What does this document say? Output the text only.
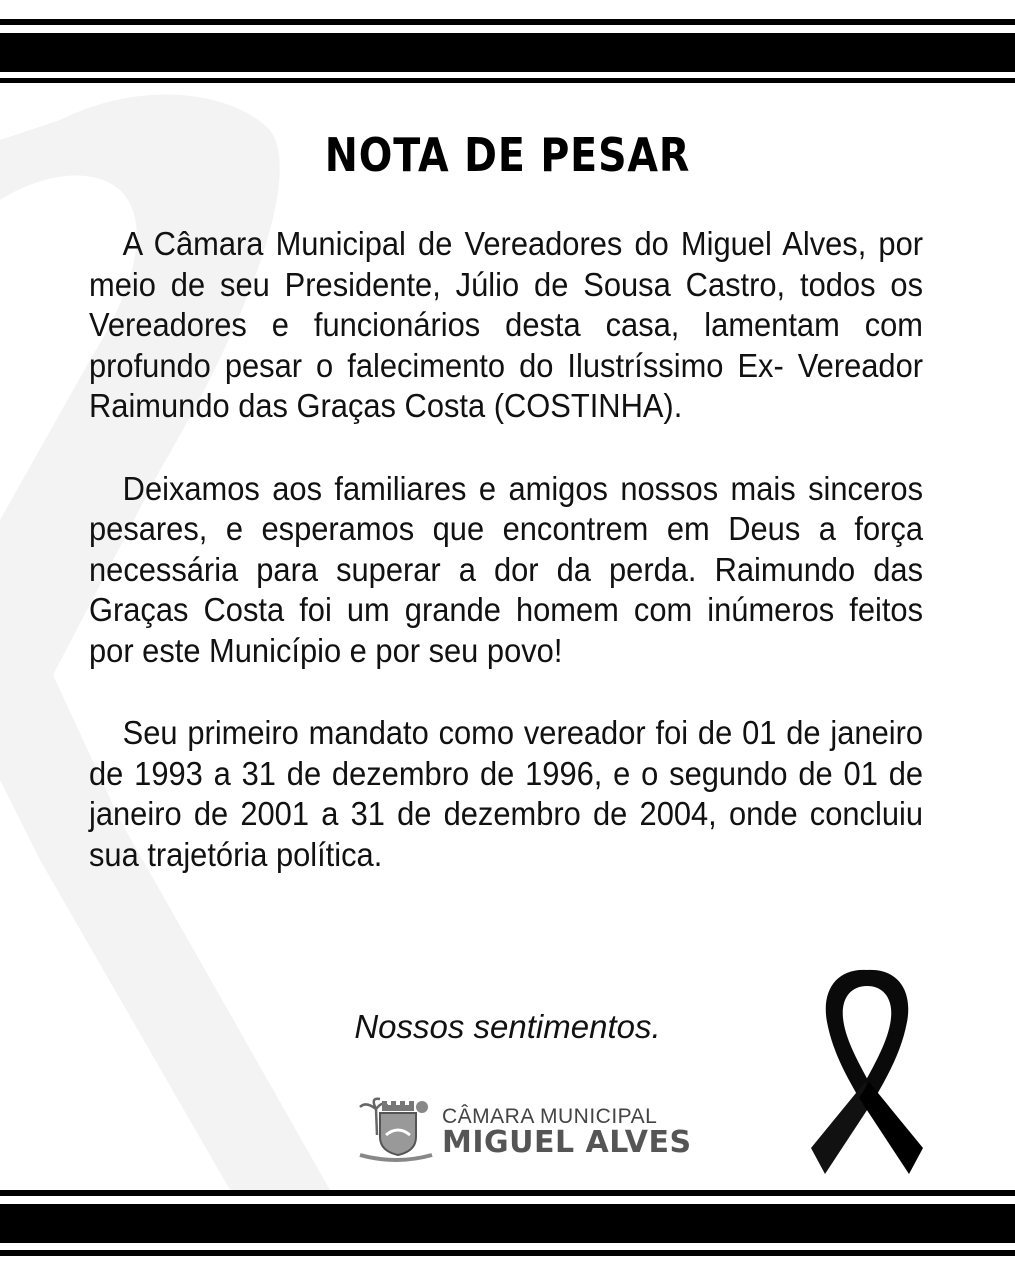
NOTA DE PESAR

A Câmara Municipal de Vereadores do Miguel Alves, por meio de seu Presidente, Júlio de Sousa Castro, todos os Vereadores e funcionários desta casa, lamentam com profundo pesar o falecimento do Ilustríssimo Ex- Vereador Raimundo das Graças Costa (COSTINHA).

Deixamos aos familiares e amigos nossos mais sinceros pesares, e esperamos que encontrem em Deus a força necessária para superar a dor da perda. Raimundo das Graças Costa foi um grande homem com inúmeros feitos por este Município e por seu povo!

Seu primeiro mandato como vereador foi de 01 de janeiro de 1993 a 31 de dezembro de 1996, e o segundo de 01 de janeiro de 2001 a 31 de dezembro de 2004, onde concluiu sua trajetória política.

Nossos sentimentos.
CÂMARA MUNICIPAL
MIGUEL ALVES
